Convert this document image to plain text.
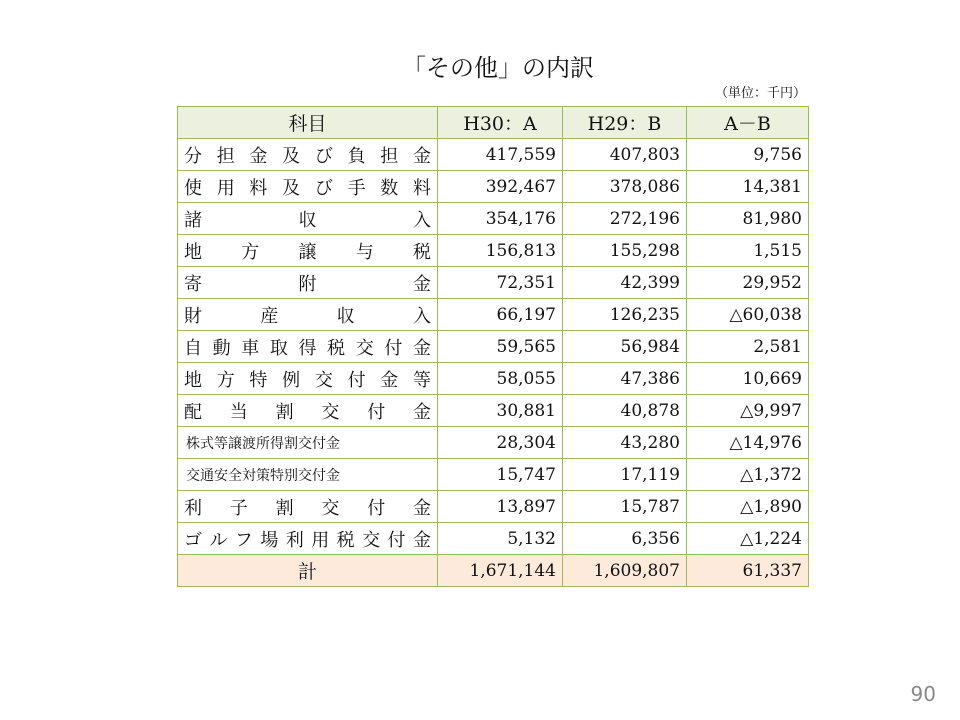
「その他」の内訳
（単位：千円）
科目	H30：A	H29：B	A－B
分担金及び負担金	417,559	407,803	9,756
使用料及び手数料	392,467	378,086	14,381
諸収入	354,176	272,196	81,980
地方譲与税	156,813	155,298	1,515
寄附金	72,351	42,399	29,952
財産収入	66,197	126,235	△60,038
自動車取得税交付金	59,565	56,984	2,581
地方特例交付金等	58,055	47,386	10,669
配当割交付金	30,881	40,878	△9,997
株式等譲渡所得割交付金	28,304	43,280	△14,976
交通安全対策特別交付金	15,747	17,119	△1,372
利子割交付金	13,897	15,787	△1,890
ゴルフ場利用税交付金	5,132	6,356	△1,224
計	1,671,144	1,609,807	61,337
90
